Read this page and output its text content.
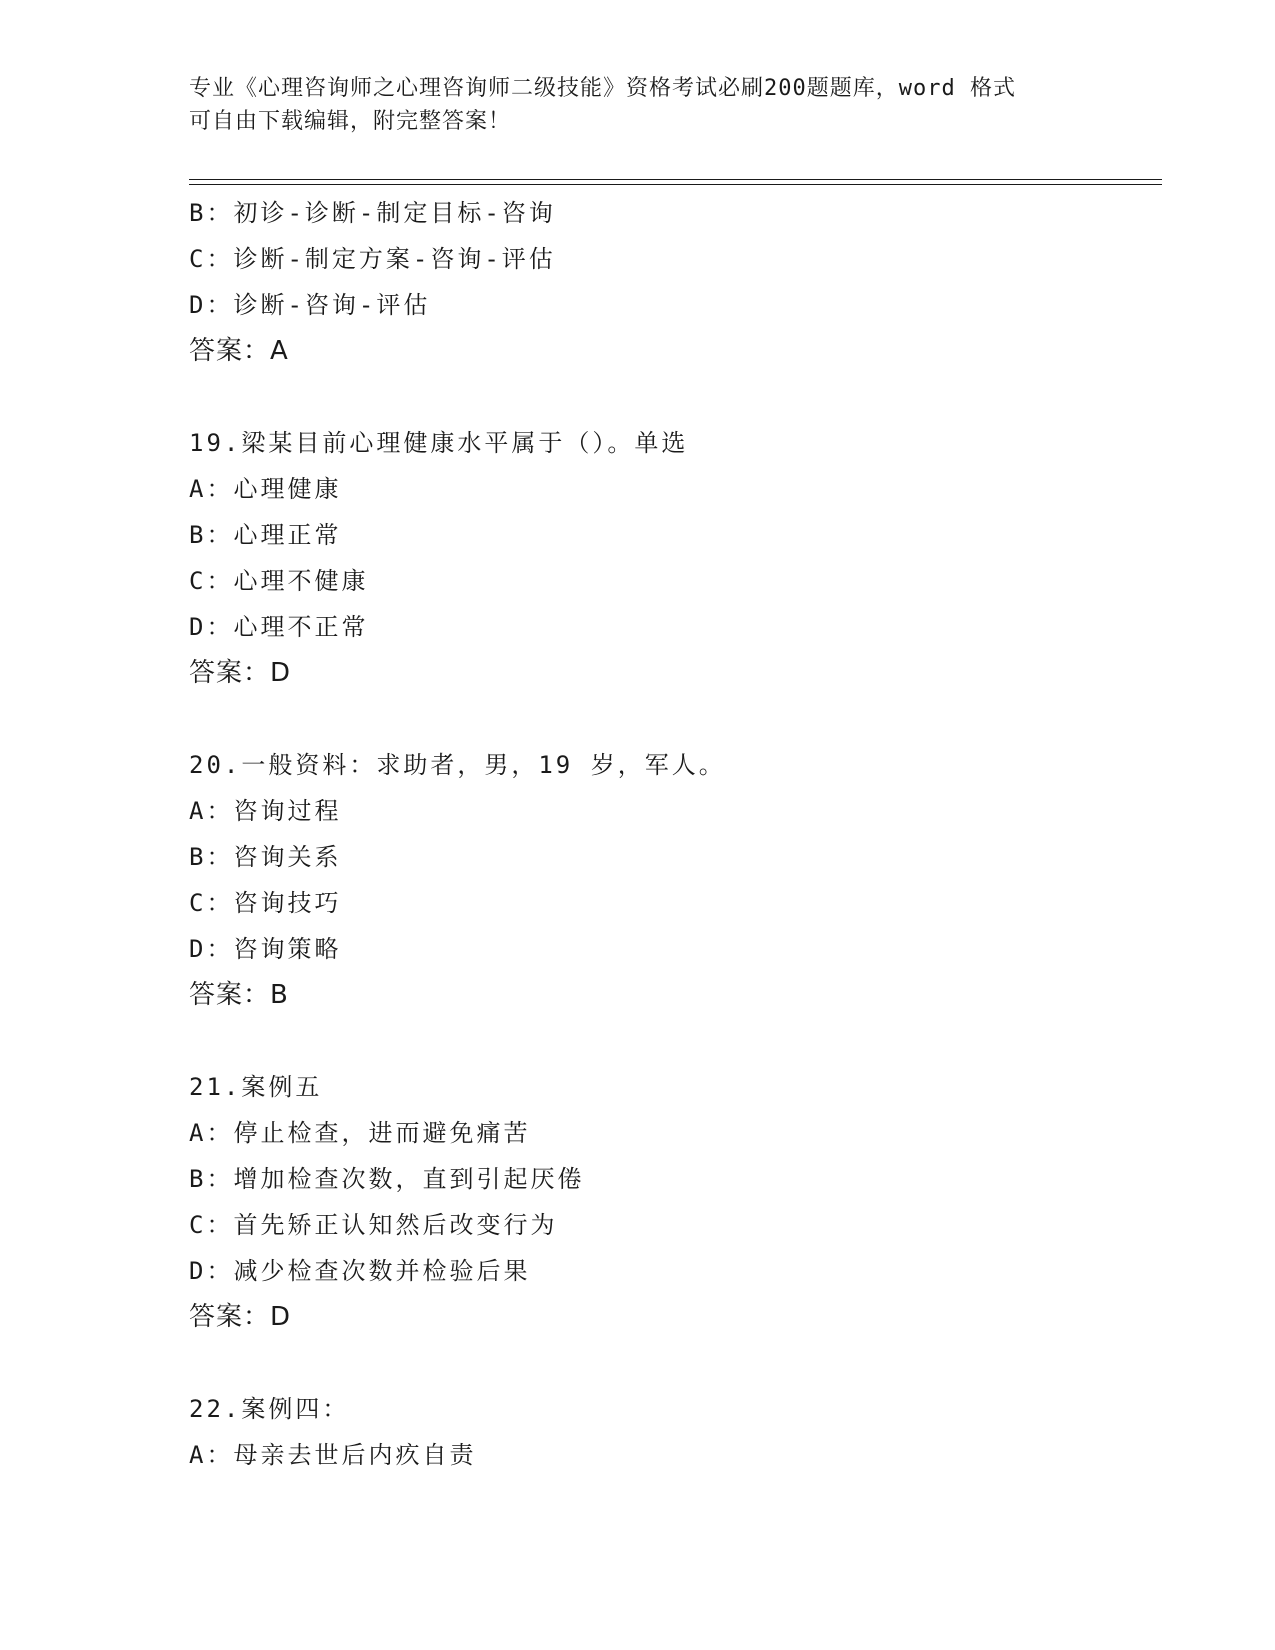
专业《心理咨询师之心理咨询师二级技能》资格考试必刷200题题库，word 格式
可自由下载编辑，附完整答案！
B：初诊-诊断-制定目标-咨询
C：诊断-制定方案-咨询-评估
D：诊断-咨询-评估
答案：A
19.梁某目前心理健康水平属于（）。单选
A：心理健康
B：心理正常
C：心理不健康
D：心理不正常
答案：D
20.一般资料：求助者，男，19 岁，军人。
A：咨询过程
B：咨询关系
C：咨询技巧
D：咨询策略
答案：B
21.案例五
A：停止检查，进而避免痛苦
B：增加检查次数，直到引起厌倦
C：首先矫正认知然后改变行为
D：减少检查次数并检验后果
答案：D
22.案例四：
A：母亲去世后内疚自责
